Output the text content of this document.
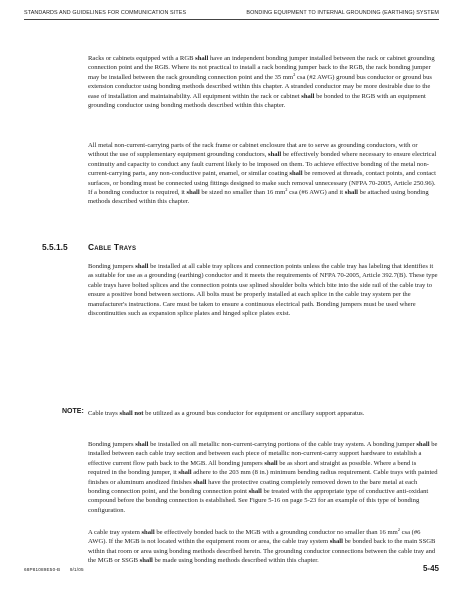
STANDARDS AND GUIDELINES FOR COMMUNICATION SITES	BONDING EQUIPMENT TO INTERNAL GROUNDING (EARTHING) SYSTEM

Racks or cabinets equipped with a RGB shall have an independent bonding jumper installed between the rack or cabinet grounding connection point and the RGB. Where its not practical to install a rack bonding jumper back to the RGB, the rack bonding jumper may be installed between the rack grounding connection point and the 35 $mm^2$ csa (#2 AWG) ground bus conductor or ground bus extension conductor using bonding methods described within this chapter. A stranded conductor may be more desirable due to the ease of installation and maintainability. All equipment within the rack or cabinet shall be bonded to the RGB with an equipment grounding conductor using bonding methods described within this chapter.

All metal non-current-carrying parts of the rack frame or cabinet enclosure that are to serve as grounding conductors, with or without the use of supplementary equipment grounding conductors, shall be effectively bonded where necessary to ensure electrical continuity and capacity to conduct any fault current likely to be imposed on them. To achieve effective bonding of the metal non-current-carrying parts, any non-conductive paint, enamel, or similar coating shall be removed at threads, contact points, and contact surfaces, or bonding must be connected using fittings designed to make such removal unnecessary (NFPA 70-2005, Article 250.96). If a bonding conductor is required, it shall be sized no smaller than 16 $mm^2$ csa (#6 AWG) and it shall be attached using bonding methods described within this chapter.

5.5.1.5 Cable Trays

Bonding jumpers shall be installed at all cable tray splices and connection points unless the cable tray has labeling that identifies it as suitable for use as a grounding (earthing) conductor and it meets the requirements of NFPA 70-2005, Article 392.7(B). These type cable trays have bolted splices and the connection points use splined shoulder bolts which bite into the side rail of the cable tray to ensure a positive bond between sections. All bolts must be properly installed at each splice in the cable tray system per the manufacturer's instructions. Care must be taken to ensure a continuous electrical path. Bonding jumpers must be used where discontinuities such as expansion splice plates and hinged splice plates exist.

NOTE: Cable trays shall not be utilized as a ground bus conductor for equipment or ancillary support apparatus.

Bonding jumpers shall be installed on all metallic non-current-carrying portions of the cable tray system. A bonding jumper shall be installed between each cable tray section and between each piece of metallic non-current-carry support hardware to establish a effective current flow path back to the MGB. All bonding jumpers shall be as short and straight as possible. Where a bend is required in the bonding jumper, it shall adhere to the 203 mm (8 in.) minimum bending radius requirement. Cable trays with painted finishes or aluminum anodized finishes shall have the protective coating completely removed down to the bare metal at each bonding connection point, and the bonding connection point shall be treated with the appropriate type of conductive anti-oxidant compound before the bonding connection is established. See Figure 5-16 on page 5-23 for an example of this type of bonding configuration.

A cable tray system shall be effectively bonded back to the MGB with a grounding conductor no smaller than 16 $mm^2$ csa (#6 AWG). If the MGB is not located within the equipment room or area, the cable tray system shall be bonded back to the main SSGB within that room or area using bonding methods described herein. The grounding conductor connections between the cable tray and the MGB or SSGB shall be made using bonding methods described within this chapter.

68P81089E50-B 9/1/05	5-45
